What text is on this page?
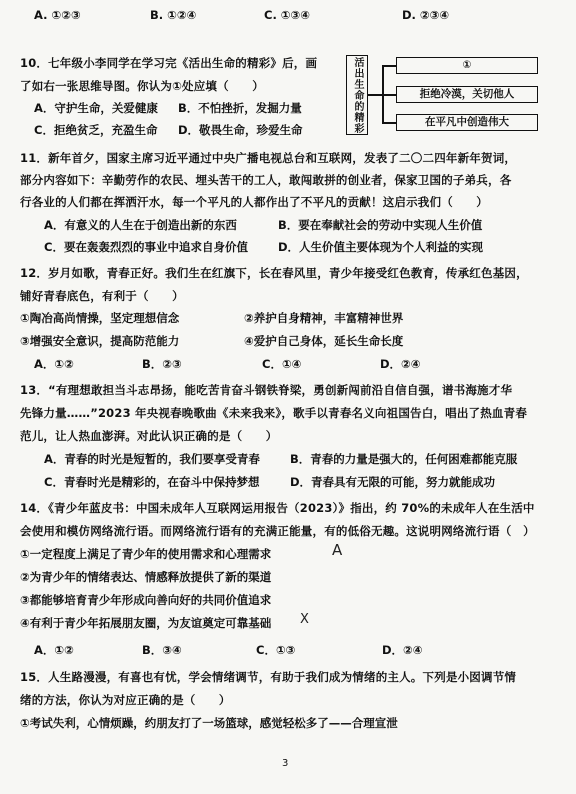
A. ①②③	B. ①②④	C. ①③④	D. ②③④
10．七年级小李同学在学习完《活出生命的精彩》后，画
了如右一张思维导图。你认为①处应填（　　）
A．守护生命，关爱健康 B．不怕挫折，发掘力量
C．拒绝贫乏，充盈生命 D．敬畏生命，珍爱生命	活出生命的精彩	①
拒绝冷漠，关切他人
在平凡中创造伟大
11．新年首夕，国家主席习近平通过中央广播电视总台和互联网，发表了二〇二四年新年贺词，
部分内容如下：辛勤劳作的农民、埋头苦干的工人，敢闯敢拼的创业者，保家卫国的子弟兵，各
行各业的人们都在挥洒汗水，每一个平凡的人都作出了不平凡的贡献！这启示我们（　　）
A．有意义的人生在于创造出新的东西	B．要在奉献社会的劳动中实现人生价值
C．要在轰轰烈烈的事业中追求自身价值	D．人生价值主要体现为个人利益的实现
12．岁月如歌，青春正好。我们生在红旗下，长在春风里，青少年接受红色教育，传承红色基因，
铺好青春底色，有利于（　　）
①陶冶高尚情操，坚定理想信念	②养护自身精神，丰富精神世界
③增强安全意识，提高防范能力	④爱护自己身体，延长生命长度
A．①②	B．②③	C．①④	D．②④
13．“有理想敢担当斗志昂扬，能吃苦肯奋斗钢铁脊梁，勇创新闯前沿自信自强，谱书海施才华
先锋力量……”2023 年央视春晚歌曲《未来我来》，歌手以青春名义向祖国告白，唱出了热血青春
范儿，让人热血澎湃。对此认识正确的是（　　）
A．青春的时光是短暂的，我们要享受青春	B．青春的力量是强大的，任何困难都能克服
C．青春时光是精彩的，在奋斗中保持梦想	D．青春具有无限的可能，努力就能成功
14．《青少年蓝皮书：中国未成年人互联网运用报告（2023）》指出，约 70%的未成年人在生活中
会使用和模仿网络流行语。而网络流行语有的充满正能量，有的低俗无趣。这说明网络流行语（　）
①一定程度上满足了青少年的使用需求和心理需求	A
②为青少年的情绪表达、情感释放提供了新的渠道
③都能够培育青少年形成向善向好的共同价值追求
④有利于青少年拓展朋友圈，为友谊奠定可靠基础 X
A．①②	B．③④	C．①③	D．②④
15．人生路漫漫，有喜也有忧，学会情绪调节，有助于我们成为情绪的主人。下列是小囡调节情
绪的方法，你认为对应正确的是（　　）
①考试失利，心情烦躁，约朋友打了一场篮球，感觉轻松多了——合理宣泄
3
